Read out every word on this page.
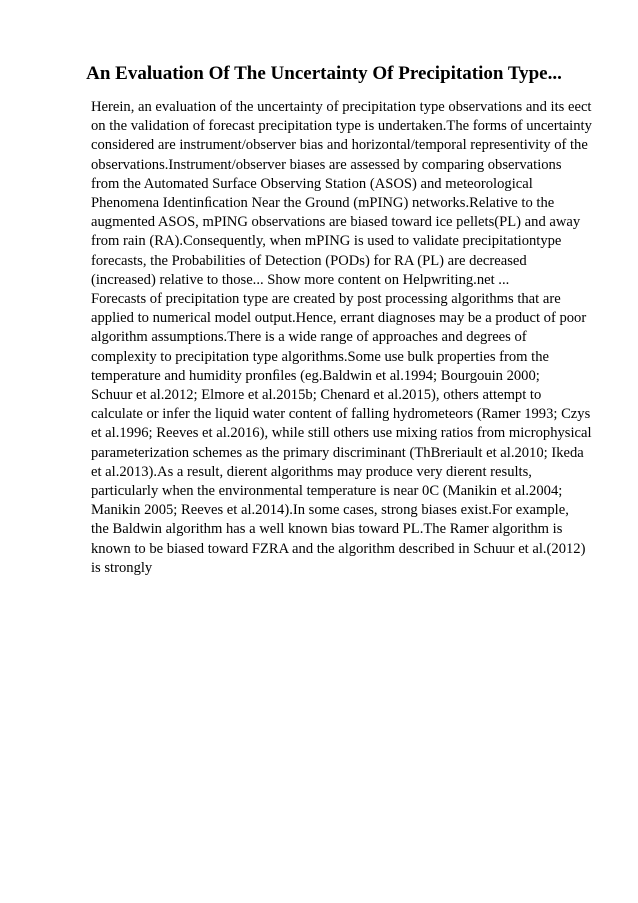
An Evaluation Of The Uncertainty Of Precipitation Type...
Herein, an evaluation of the uncertainty of precipitation type observations and its eect
on the validation of forecast precipitation type is undertaken.The forms of uncertainty
considered are instrument/observer bias and horizontal/temporal representivity of the
observations.Instrument/observer biases are assessed by comparing observations
from the Automated Surface Observing Station (ASOS) and meteorological
Phenomena Identinﬁcation Near the Ground (mPING) networks.Relative to the
augmented ASOS, mPING observations are biased toward ice pellets(PL) and away
from rain (RA).Consequently, when mPING is used to validate precipitationtype
forecasts, the Probabilities of Detection (PODs) for RA (PL) are decreased
(increased) relative to those... Show more content on Helpwriting.net ...
Forecasts of precipitation type are created by post processing algorithms that are
applied to numerical model output.Hence, errant diagnoses may be a product of poor
algorithm assumptions.There is a wide range of approaches and degrees of
complexity to precipitation type algorithms.Some use bulk properties from the
temperature and humidity pronﬁles (eg.Baldwin et al.1994; Bourgouin 2000;
Schuur et al.2012; Elmore et al.2015b; Chenard et al.2015), others attempt to
calculate or infer the liquid water content of falling hydrometeors (Ramer 1993; Czys
et al.1996; Reeves et al.2016), while still others use mixing ratios from microphysical
parameterization schemes as the primary discriminant (ThBreriault et al.2010; Ikeda
et al.2013).As a result, dierent algorithms may produce very dierent results,
particularly when the environmental temperature is near 0C (Manikin et al.2004;
Manikin 2005; Reeves et al.2014).In some cases, strong biases exist.For example,
the Baldwin algorithm has a well known bias toward PL.The Ramer algorithm is
known to be biased toward FZRA and the algorithm described in Schuur et al.(2012)
is strongly
